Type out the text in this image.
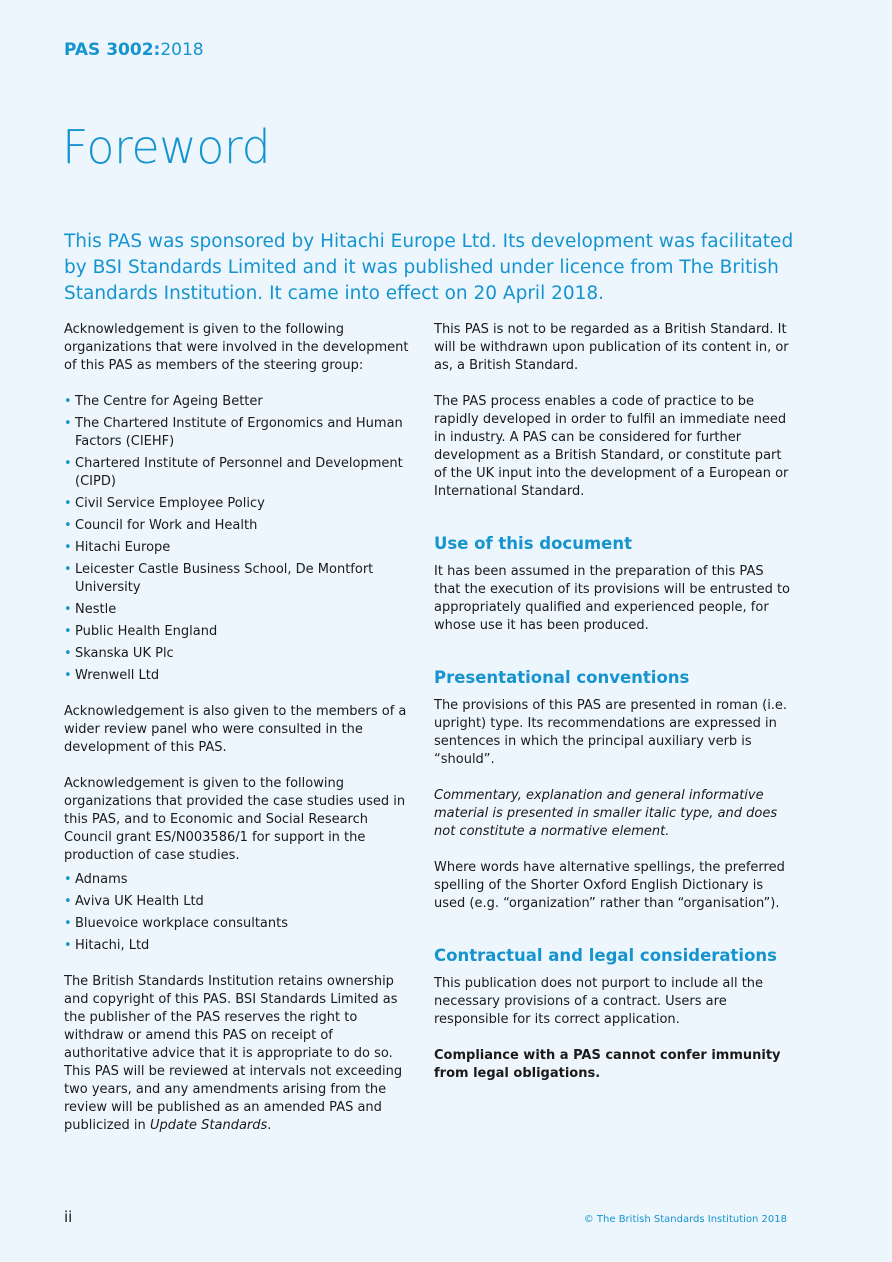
PAS 3002:2018
Foreword
This PAS was sponsored by Hitachi Europe Ltd. Its development was facilitated by BSI Standards Limited and it was published under licence from The British Standards Institution. It came into effect on 20 April 2018.

Acknowledgement is given to the following organizations that were involved in the development of this PAS as members of the steering group:

• The Centre for Ageing Better
• The Chartered Institute of Ergonomics and Human Factors (CIEHF)
• Chartered Institute of Personnel and Development (CIPD)
• Civil Service Employee Policy
• Council for Work and Health
• Hitachi Europe
• Leicester Castle Business School, De Montfort University
• Nestle
• Public Health England
• Skanska UK Plc
• Wrenwell Ltd

Acknowledgement is also given to the members of a wider review panel who were consulted in the development of this PAS.

Acknowledgement is given to the following organizations that provided the case studies used in this PAS, and to Economic and Social Research Council grant ES/N003586/1 for support in the production of case studies.

• Adnams
• Aviva UK Health Ltd
• Bluevoice workplace consultants
• Hitachi, Ltd

The British Standards Institution retains ownership and copyright of this PAS. BSI Standards Limited as the publisher of the PAS reserves the right to withdraw or amend this PAS on receipt of authoritative advice that it is appropriate to do so. This PAS will be reviewed at intervals not exceeding two years, and any amendments arising from the review will be published as an amended PAS and publicized in Update Standards.

This PAS is not to be regarded as a British Standard. It will be withdrawn upon publication of its content in, or as, a British Standard.

The PAS process enables a code of practice to be rapidly developed in order to fulfil an immediate need in industry. A PAS can be considered for further development as a British Standard, or constitute part of the UK input into the development of a European or International Standard.

Use of this document

It has been assumed in the preparation of this PAS that the execution of its provisions will be entrusted to appropriately qualified and experienced people, for whose use it has been produced.

Presentational conventions

The provisions of this PAS are presented in roman (i.e. upright) type. Its recommendations are expressed in sentences in which the principal auxiliary verb is “should”.

Commentary, explanation and general informative material is presented in smaller italic type, and does not constitute a normative element.

Where words have alternative spellings, the preferred spelling of the Shorter Oxford English Dictionary is used (e.g. “organization” rather than “organisation”).

Contractual and legal considerations

This publication does not purport to include all the necessary provisions of a contract. Users are responsible for its correct application.

Compliance with a PAS cannot confer immunity from legal obligations.

ii	© The British Standards Institution 2018
